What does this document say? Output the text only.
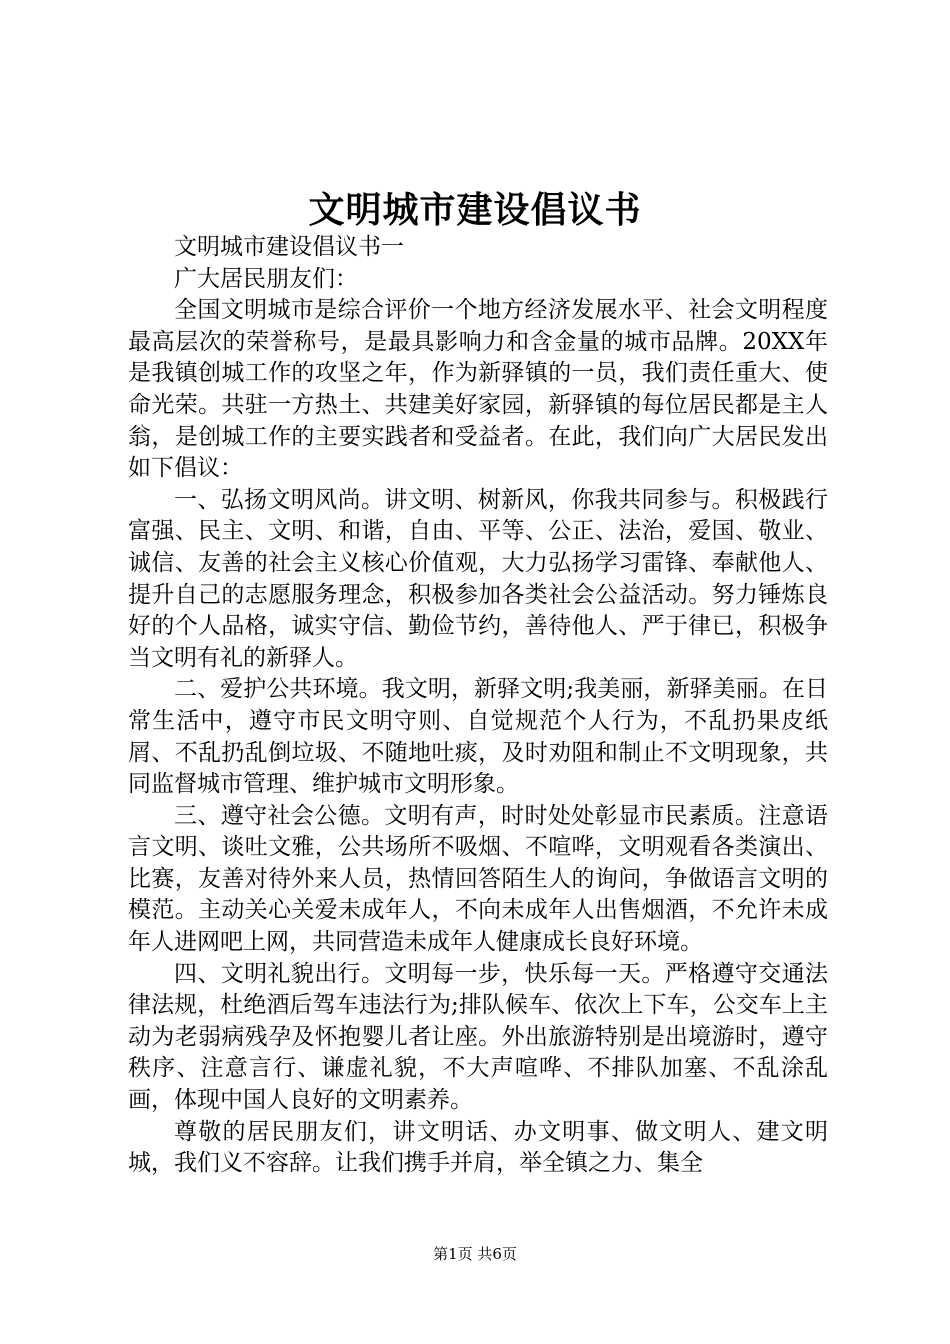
文明城市建设倡议书

文明城市建设倡议书一

广大居民朋友们：

全国文明城市是综合评价一个地方经济发展水平、社会文明程度最高层次的荣誉称号，是最具影响力和含金量的城市品牌。20XX年是我镇创城工作的攻坚之年，作为新驿镇的一员，我们责任重大、使命光荣。共驻一方热土、共建美好家园，新驿镇的每位居民都是主人翁，是创城工作的主要实践者和受益者。在此，我们向广大居民发出如下倡议：

一、弘扬文明风尚。讲文明、树新风，你我共同参与。积极践行富强、民主、文明、和谐，自由、平等、公正、法治，爱国、敬业、诚信、友善的社会主义核心价值观，大力弘扬学习雷锋、奉献他人、提升自己的志愿服务理念，积极参加各类社会公益活动。努力锤炼良好的个人品格，诚实守信、勤俭节约，善待他人、严于律已，积极争当文明有礼的新驿人。

二、爱护公共环境。我文明，新驿文明;我美丽，新驿美丽。在日常生活中，遵守市民文明守则、自觉规范个人行为，不乱扔果皮纸屑、不乱扔乱倒垃圾、不随地吐痰，及时劝阻和制止不文明现象，共同监督城市管理、维护城市文明形象。

三、遵守社会公德。文明有声，时时处处彰显市民素质。注意语言文明、谈吐文雅，公共场所不吸烟、不喧哗，文明观看各类演出、比赛，友善对待外来人员，热情回答陌生人的询问，争做语言文明的模范。主动关心关爱未成年人，不向未成年人出售烟酒，不允许未成年人进网吧上网，共同营造未成年人健康成长良好环境。

四、文明礼貌出行。文明每一步，快乐每一天。严格遵守交通法律法规，杜绝酒后驾车违法行为;排队候车、依次上下车，公交车上主动为老弱病残孕及怀抱婴儿者让座。外出旅游特别是出境游时，遵守秩序、注意言行、谦虚礼貌，不大声喧哗、不排队加塞、不乱涂乱画，体现中国人良好的文明素养。

尊敬的居民朋友们，讲文明话、办文明事、做文明人、建文明城，我们义不容辞。让我们携手并肩，举全镇之力、集全

第1页 共6页
